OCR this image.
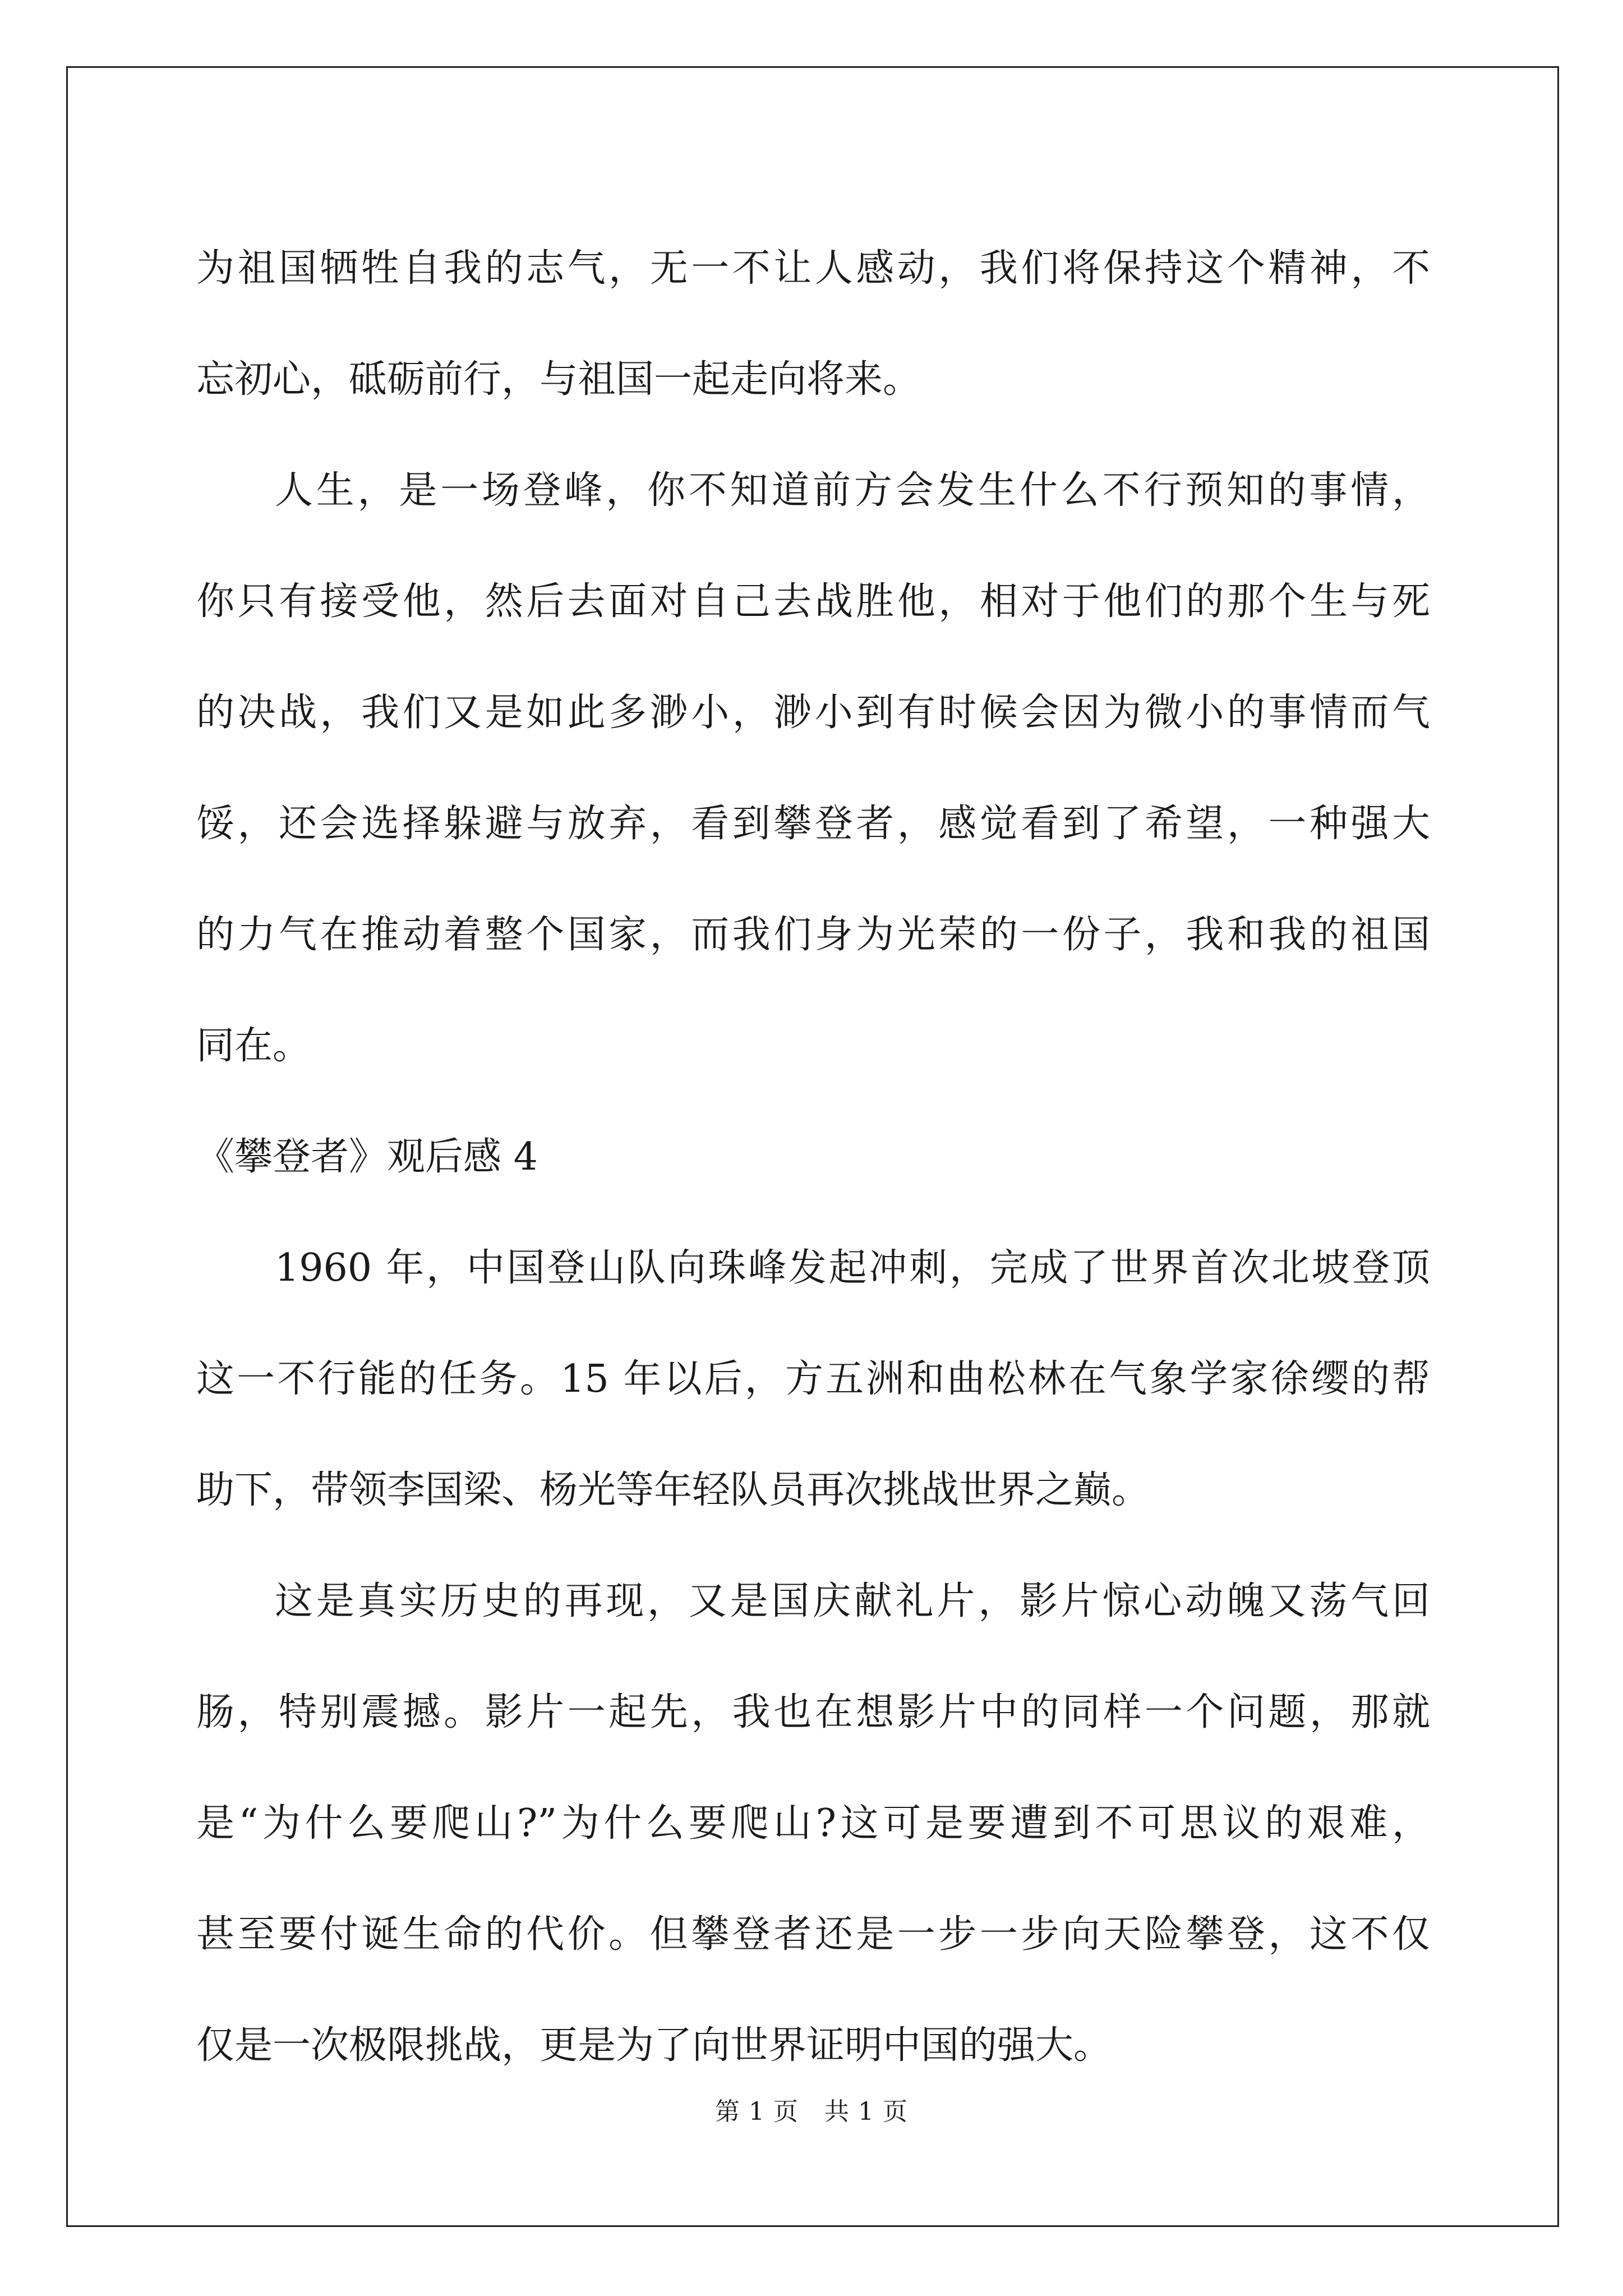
为祖国牺牲自我的志气，无一不让人感动，我们将保持这个精神，不
忘初心，砥砺前行，与祖国一起走向将来。
人生，是一场登峰，你不知道前方会发生什么不行预知的事情，
你只有接受他，然后去面对自己去战胜他，相对于他们的那个生与死
的决战，我们又是如此多渺小，渺小到有时候会因为微小的事情而气
馁，还会选择躲避与放弃，看到攀登者，感觉看到了希望，一种强大
的力气在推动着整个国家，而我们身为光荣的一份子，我和我的祖国
同在。
《攀登者》观后感 4
1960 年，中国登山队向珠峰发起冲刺，完成了世界首次北坡登顶
这一不行能的任务。15 年以后，方五洲和曲松林在气象学家徐缨的帮
助下，带领李国梁、杨光等年轻队员再次挑战世界之巅。
这是真实历史的再现，又是国庆献礼片，影片惊心动魄又荡气回
肠，特别震撼。影片一起先，我也在想影片中的同样一个问题，那就
是“为什么要爬山?”为什么要爬山?这可是要遭到不可思议的艰难，
甚至要付诞生命的代价。但攀登者还是一步一步向天险攀登，这不仅
仅是一次极限挑战，更是为了向世界证明中国的强大。
第 1 页 共 1 页
